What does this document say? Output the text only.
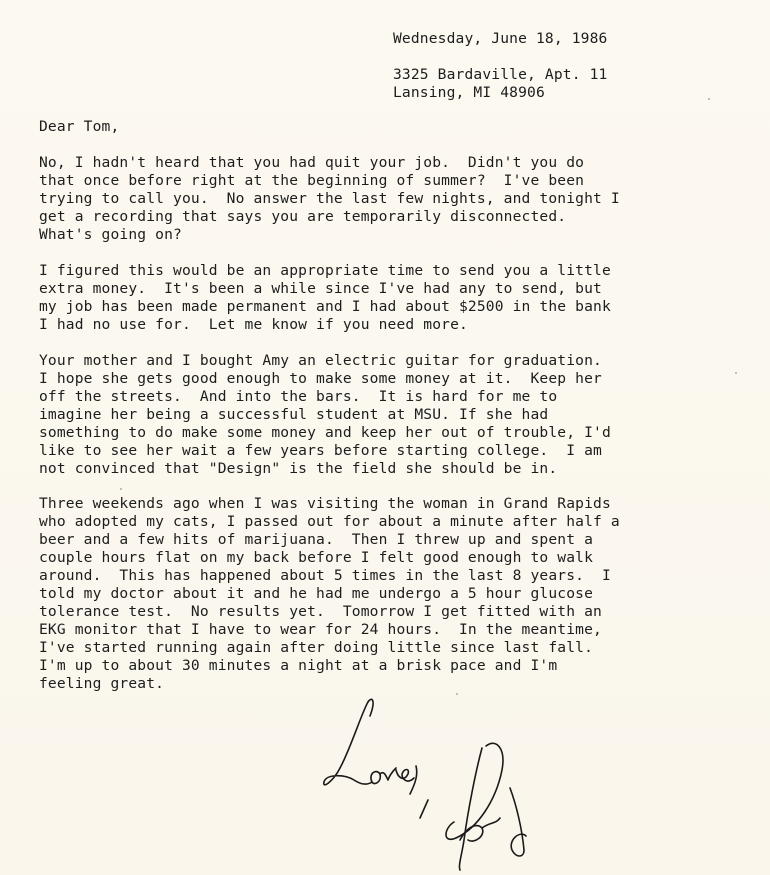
Wednesday, June 18, 1986

3325 Bardaville, Apt. 11

Lansing, MI 48906

Dear Tom,

No, I hadn't heard that you had quit your job.  Didn't you do

that once before right at the beginning of summer?  I've been

trying to call you.  No answer the last few nights, and tonight I

get a recording that says you are temporarily disconnected.

What's going on?

I figured this would be an appropriate time to send you a little

extra money.  It's been a while since I've had any to send, but

my job has been made permanent and I had about $2500 in the bank

I had no use for.  Let me know if you need more.

Your mother and I bought Amy an electric guitar for graduation.

I hope she gets good enough to make some money at it.  Keep her

off the streets.  And into the bars.  It is hard for me to

imagine her being a successful student at MSU. If she had

something to do make some money and keep her out of trouble, I'd

like to see her wait a few years before starting college.  I am

not convinced that "Design" is the field she should be in.

Three weekends ago when I was visiting the woman in Grand Rapids

who adopted my cats, I passed out for about a minute after half a

beer and a few hits of marijuana.  Then I threw up and spent a

couple hours flat on my back before I felt good enough to walk

around.  This has happened about 5 times in the last 8 years.  I

told my doctor about it and he had me undergo a 5 hour glucose

tolerance test.  No results yet.  Tomorrow I get fitted with an

EKG monitor that I have to wear for 24 hours.  In the meantime,

I've started running again after doing little since last fall.

I'm up to about 30 minutes a night at a brisk pace and I'm

feeling great.
